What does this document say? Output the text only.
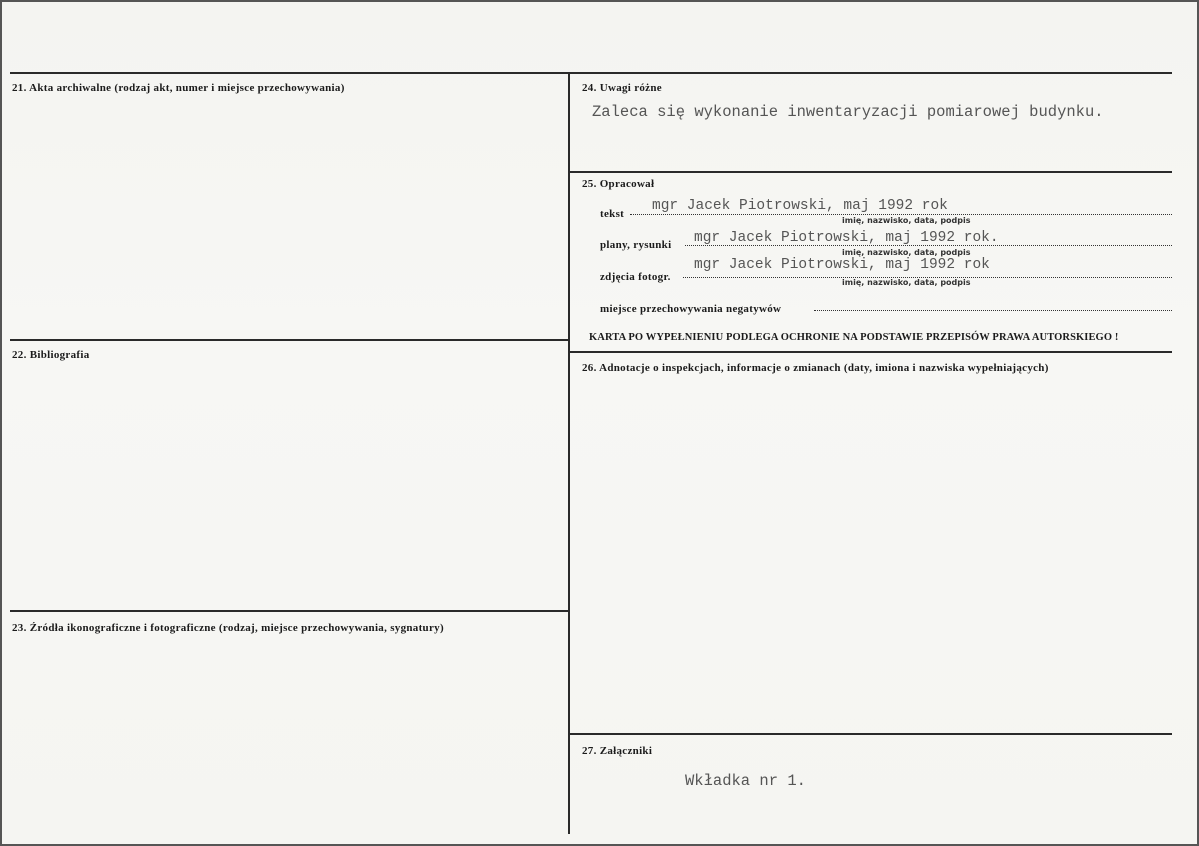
21. Akta archiwalne (rodzaj akt, numer i miejsce przechowywania)
22. Bibliografia
23. Źródła ikonograficzne i fotograficzne (rodzaj, miejsce przechowywania, sygnatury)
24. Uwagi różne
Zaleca się wykonanie inwentaryzacji pomiarowej budynku.
25. Opracował
tekst mgr Jacek Piotrowski, maj 1992 rok
imię, nazwisko, data, podpis
plany, rysunki mgr Jacek Piotrowski, maj 1992 rok.
imię, nazwisko, data, podpis
zdjęcia fotogr.
mgr Jacek Piotrowski, maj 1992 rok
imię, nazwisko, data, podpis
miejsce przechowywania negatywów
KARTA PO WYPEŁNIENIU PODLEGA OCHRONIE NA PODSTAWIE PRZEPISÓW PRAWA AUTORSKIEGO !
26. Adnotacje o inspekcjach, informacje o zmianach (daty, imiona i nazwiska wypełniających)
27. Załączniki
Wkładka nr 1.
